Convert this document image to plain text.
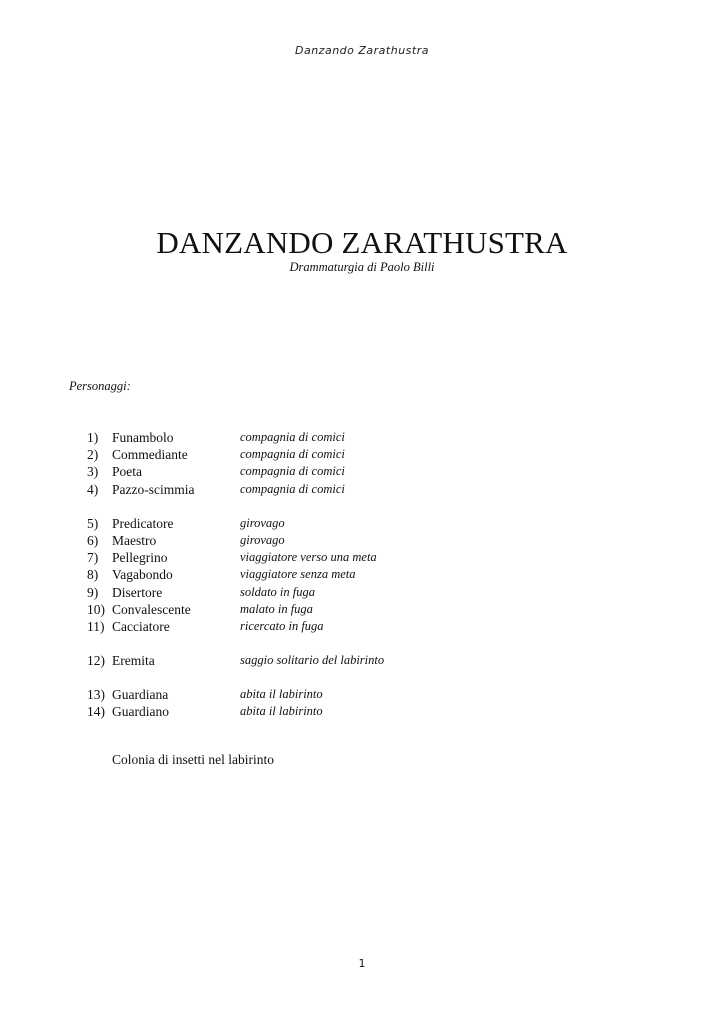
Danzando Zarathustra
DANZANDO ZARATHUSTRA
Drammaturgia di Paolo Billi
Personaggi:
1)	Funambolo	compagnia di comici
2)	Commediante	compagnia di comici
3)	Poeta	compagnia di comici
4)	Pazzo-scimmia	compagnia di comici
5)	Predicatore	girovago
6)	Maestro	girovago
7)	Pellegrino	viaggiatore verso una meta
8)	Vagabondo	viaggiatore senza meta
9)	Disertore	soldato in fuga
10) Convalescente	malato in fuga
11) Cacciatore	ricercato in fuga
12) Eremita	saggio solitario del labirinto
13) Guardiana	abita il labirinto
14) Guardiano	abita il labirinto
Colonia di insetti nel labirinto
1
